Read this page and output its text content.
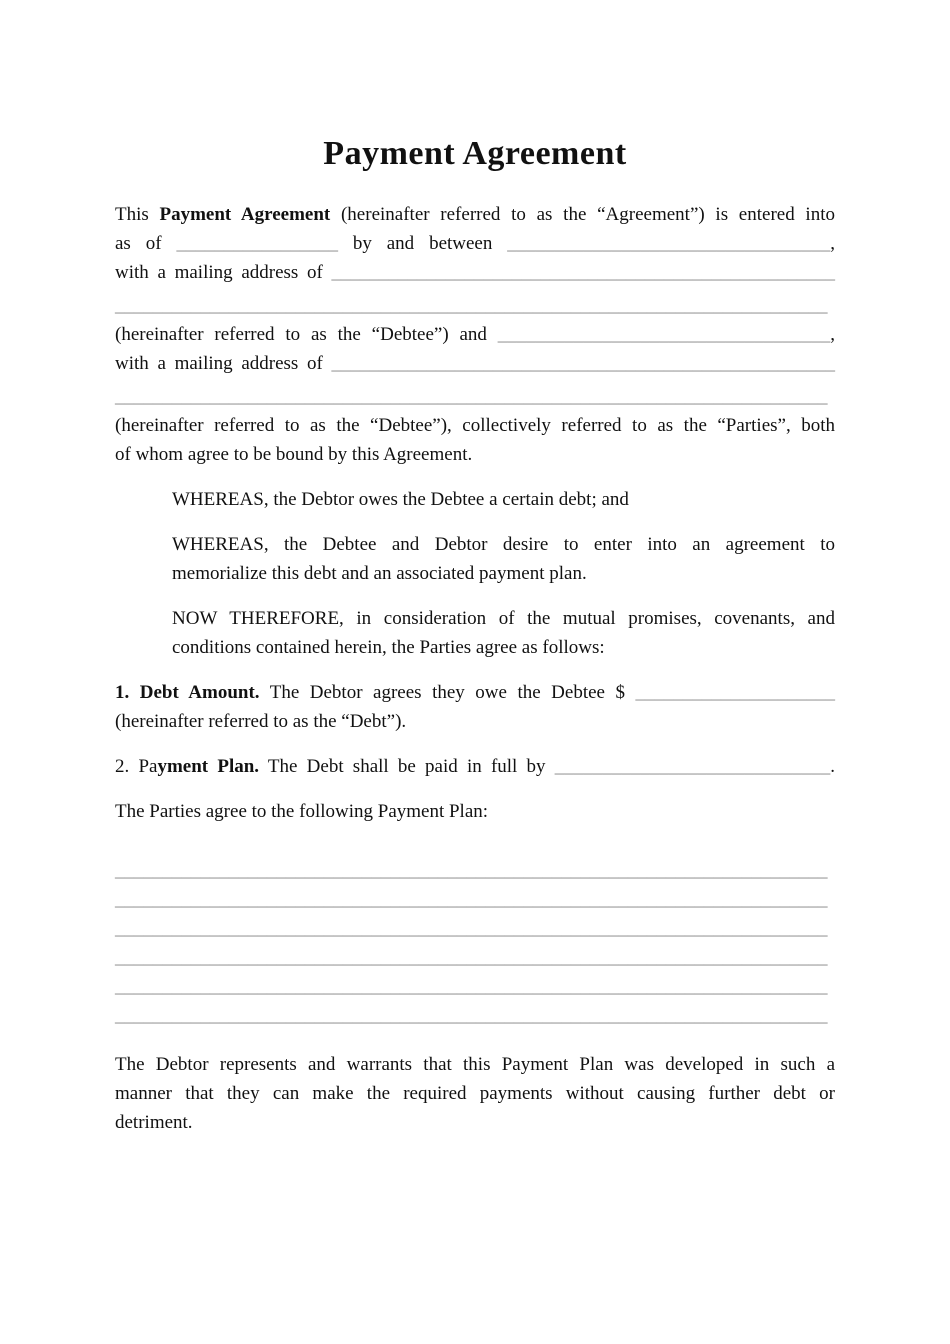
Payment Agreement
This Payment Agreement (hereinafter referred to as the “Agreement”) is entered into
as of _________________ by and between __________________________________,
with a mailing address of _____________________________________________________
___________________________________________________________________________
(hereinafter referred to as the “Debtee”) and ___________________________________,
with a mailing address of _____________________________________________________
___________________________________________________________________________
(hereinafter referred to as the “Debtee”), collectively referred to as the “Parties”, both
of whom agree to be bound by this Agreement.
WHEREAS, the Debtor owes the Debtee a certain debt; and
WHEREAS, the Debtee and Debtor desire to enter into an agreement to
memorialize this debt and an associated payment plan.
NOW THEREFORE, in consideration of the mutual promises, covenants, and
conditions contained herein, the Parties agree as follows:
1. Debt Amount. The Debtor agrees they owe the Debtee $ _____________________
(hereinafter referred to as the “Debt”).
2. Payment Plan. The Debt shall be paid in full by _____________________________.
The Parties agree to the following Payment Plan:
___________________________________________________________________________
___________________________________________________________________________
___________________________________________________________________________
___________________________________________________________________________
___________________________________________________________________________
___________________________________________________________________________
The Debtor represents and warrants that this Payment Plan was developed in such a
manner that they can make the required payments without causing further debt or
detriment.
